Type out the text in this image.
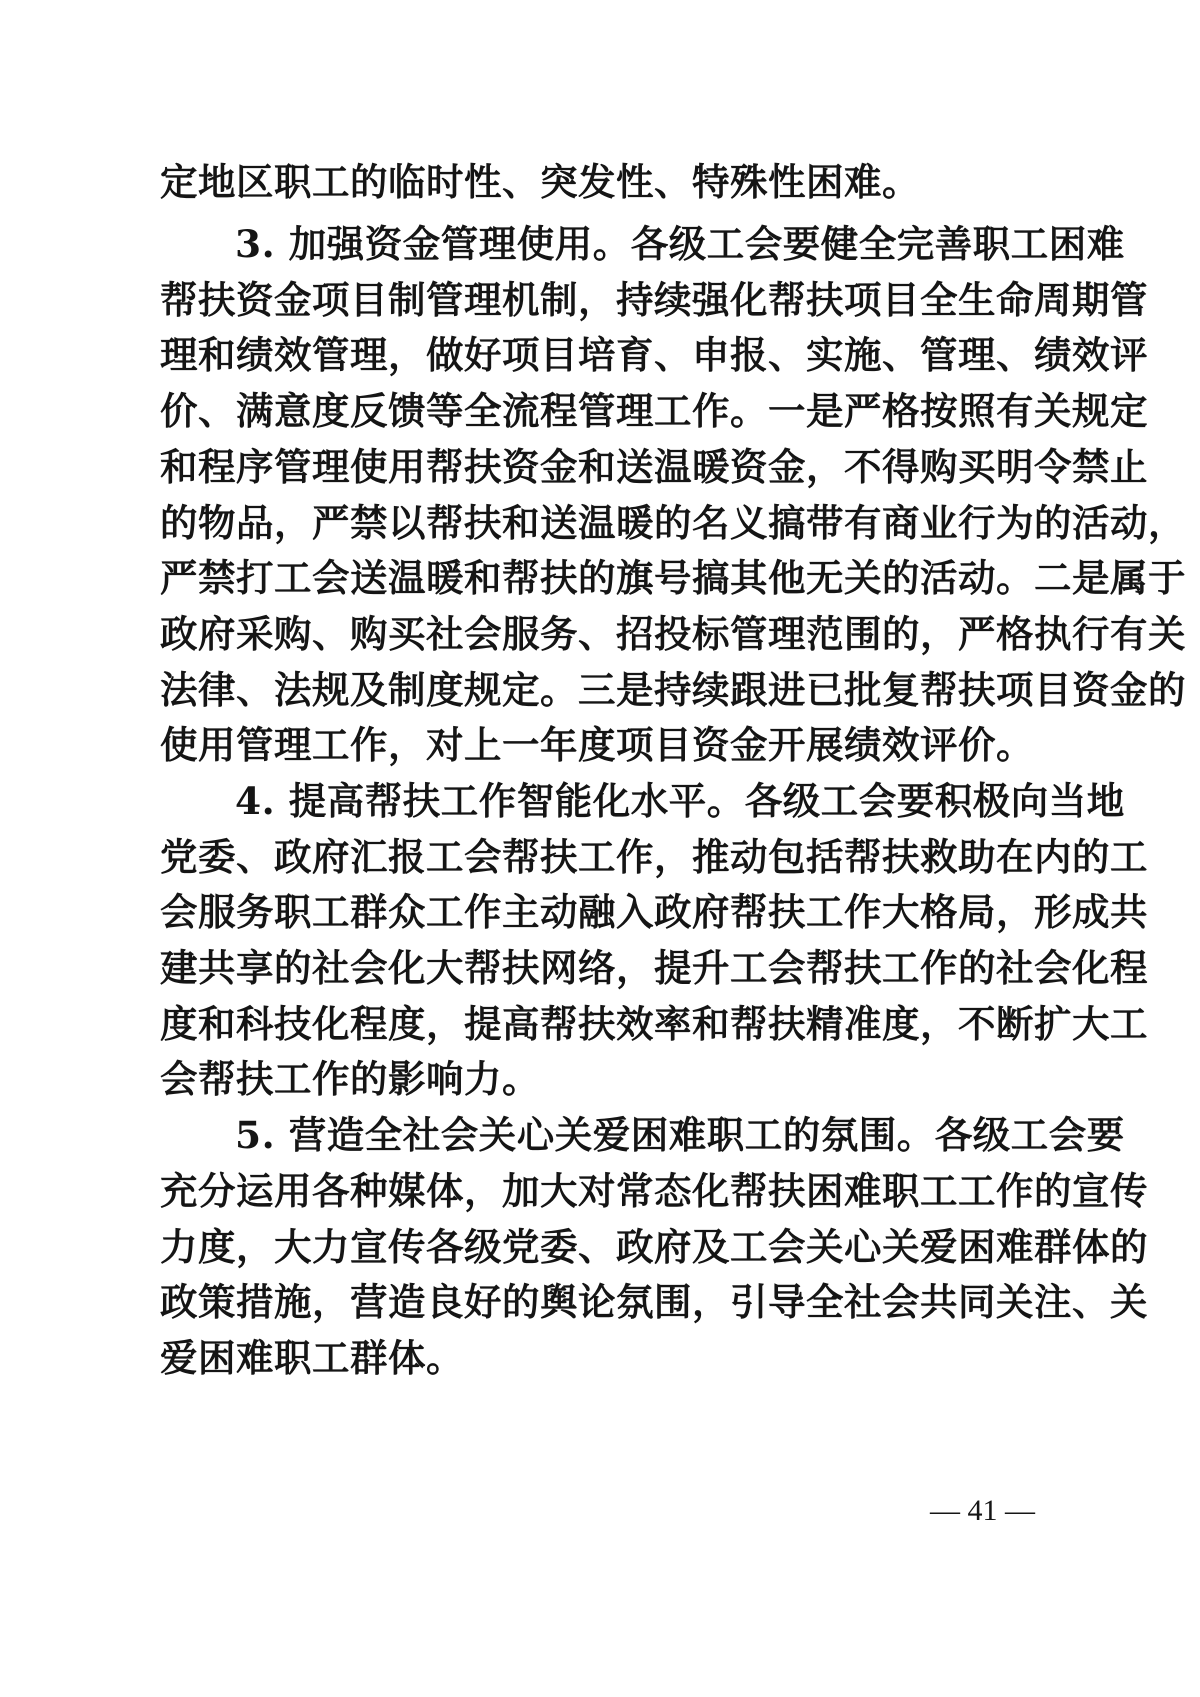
定地区职工的临时性、突发性、特殊性困难。
3. 加强资金管理使用。各级工会要健全完善职工困难
帮扶资金项目制管理机制，持续强化帮扶项目全生命周期管
理和绩效管理，做好项目培育、申报、实施、管理、绩效评
价、满意度反馈等全流程管理工作。一是严格按照有关规定
和程序管理使用帮扶资金和送温暖资金，不得购买明令禁止
的物品，严禁以帮扶和送温暖的名义搞带有商业行为的活动，
严禁打工会送温暖和帮扶的旗号搞其他无关的活动。二是属于
政府采购、购买社会服务、招投标管理范围的，严格执行有关
法律、法规及制度规定。三是持续跟进已批复帮扶项目资金的
使用管理工作，对上一年度项目资金开展绩效评价。
4. 提高帮扶工作智能化水平。各级工会要积极向当地
党委、政府汇报工会帮扶工作，推动包括帮扶救助在内的工
会服务职工群众工作主动融入政府帮扶工作大格局，形成共
建共享的社会化大帮扶网络，提升工会帮扶工作的社会化程
度和科技化程度，提高帮扶效率和帮扶精准度，不断扩大工
会帮扶工作的影响力。
5. 营造全社会关心关爱困难职工的氛围。各级工会要
充分运用各种媒体，加大对常态化帮扶困难职工工作的宣传
力度，大力宣传各级党委、政府及工会关心关爱困难群体的
政策措施，营造良好的舆论氛围，引导全社会共同关注、关
爱困难职工群体。
— 41 —
